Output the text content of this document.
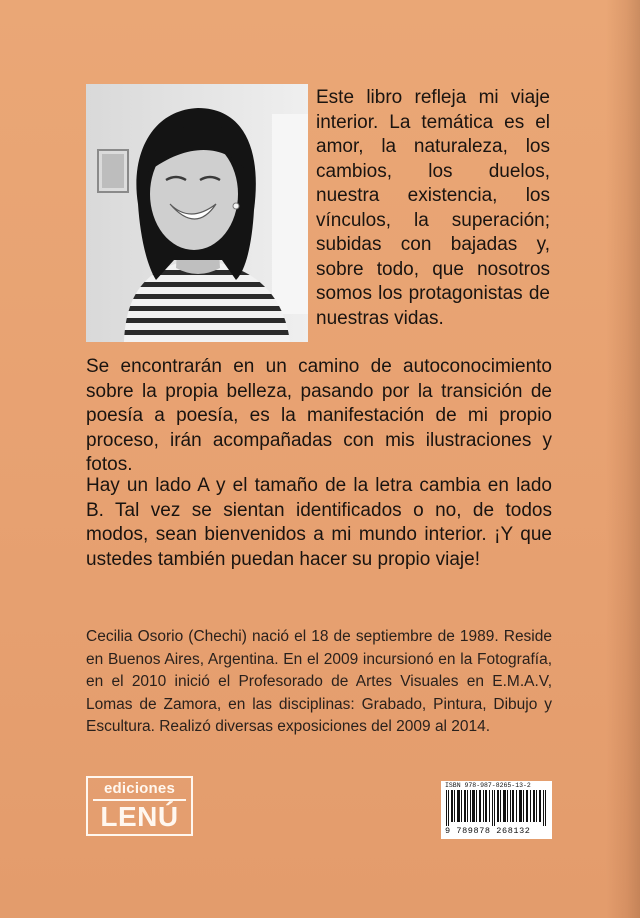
Este libro refleja mi viaje interior. La temática es el amor, la naturaleza, los cambios, los duelos, nuestra existencia, los vínculos, la superación; subidas con bajadas y, sobre todo, que nosotros somos los protagonistas de nuestras vidas.

Se encontrarán en un camino de autoconocimiento sobre la propia belleza, pasando por la transición de poesía a poesía, es la manifestación de mi propio proceso, irán acompañadas con mis ilustraciones y fotos.

Hay un lado A y el tamaño de la letra cambia en lado B. Tal vez se sientan identificados o no, de todos modos, sean bienvenidos a mi mundo interior. ¡Y que ustedes también puedan hacer su propio viaje!

Cecilia Osorio (Chechi) nació el 18 de septiembre de 1989. Reside en Buenos Aires, Argentina. En el 2009 incursionó en la Fotografía, en el 2010 inició el Profesorado de Artes Visuales en E.M.A.V, Lomas de Zamora, en las disciplinas: Grabado, Pintura, Dibujo y Escultura. Realizó diversas exposiciones del 2009 al 2014.

ediciones
LENÚ
ISBN 978-987-8265-13-2
9 789878 268132
